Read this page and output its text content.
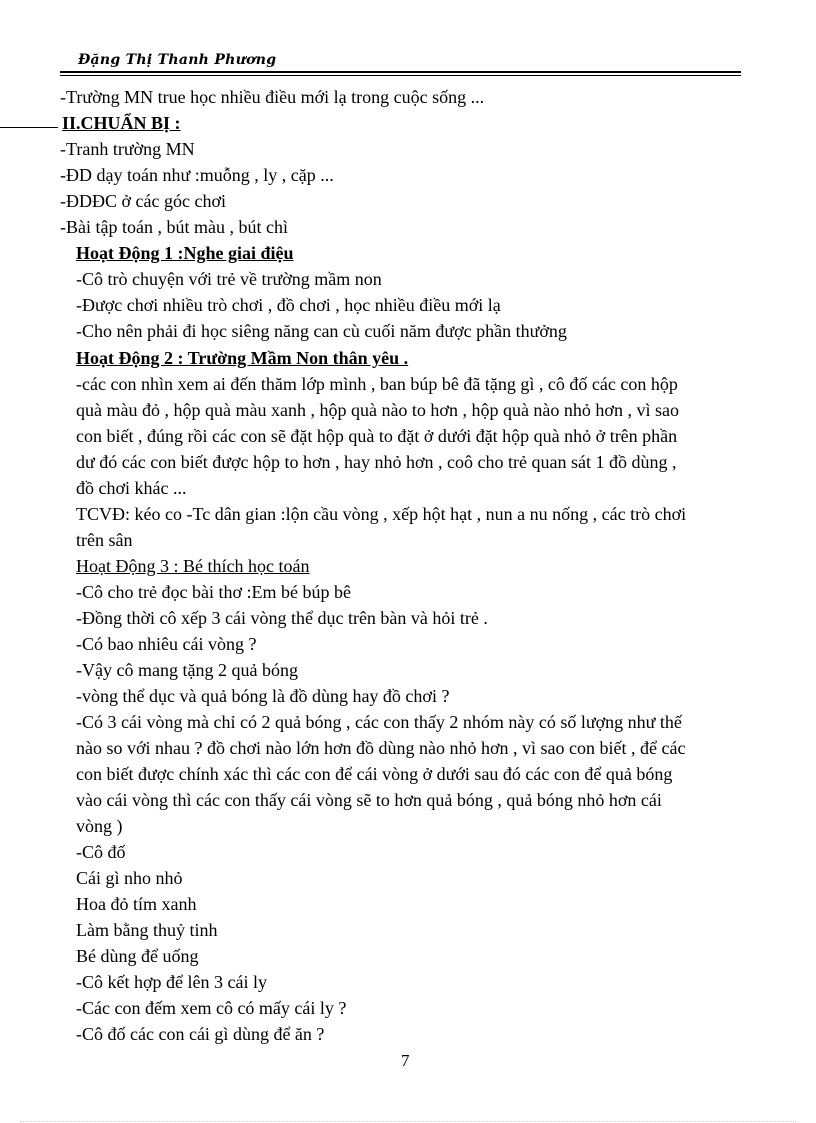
Đặng Thị Thanh Phương
-Trường MN true học nhiều điều mới lạ trong cuộc sống ...
II.CHUẨN BỊ :
-Tranh trường MN
-ĐD dạy toán như :muỗng , ly , cặp ...
-ĐDĐC ở các góc chơi
-Bài tập toán , bút màu , bút chì
Hoạt Động 1 :Nghe giai điệu
-Cô trò chuyện với trẻ về trường mầm non
-Được chơi nhiều trò chơi , đồ chơi , học nhiều điều mới lạ
-Cho nên phải đi học siêng năng can cù cuối năm được phần thưởng
Hoạt Động 2 : Trường Mầm Non thân yêu .
-các con nhìn xem ai đến thăm lớp mình , ban búp bê đã tặng gì , cô đố các con hộp
quà màu đỏ , hộp quà màu xanh , hộp quà nào to hơn , hộp quà nào nhỏ hơn , vì sao
con biết , đúng rồi các con sẽ đặt hộp quà to đặt ở dưới đặt hộp quà nhỏ ở trên phần
dư đó các con biết được hộp to hơn , hay nhỏ hơn , coô cho trẻ quan sát 1 đồ dùng ,
đồ chơi khác ...
TCVĐ: kéo co -Tc dân gian :lộn cầu vòng , xếp hột hạt , nun a nu nống , các trò chơi
trên sân
Hoạt Động 3 : Bé thích học toán
-Cô cho trẻ đọc bài thơ :Em bé búp bê
-Đồng thời cô xếp 3 cái vòng thể dục trên bàn và hỏi trẻ .
-Có bao nhiêu cái vòng ?
-Vậy cô mang tặng 2 quả bóng
-vòng thể dục và quả bóng là đồ dùng hay đồ chơi ?
-Có 3 cái vòng mà chỉ có 2 quả bóng , các con thấy 2 nhóm này có số lượng như thế
nào so với nhau ? đồ chơi nào lớn hơn đồ dùng nào nhỏ hơn , vì sao con biết , để các
con biết được chính xác thì các con để cái vòng ở dưới sau đó các con để quả bóng
vào cái vòng thì các con thấy cái vòng sẽ to hơn quả bóng , quả bóng nhỏ hơn cái
vòng )
-Cô đố
Cái gì nho nhỏ
Hoa đỏ tím xanh
Làm bằng thuỷ tinh
Bé dùng để uống
-Cô kết hợp để lên 3 cái ly
-Các con đếm xem cô có mấy cái ly ?
-Cô đố các con cái gì dùng để ăn ?
7
